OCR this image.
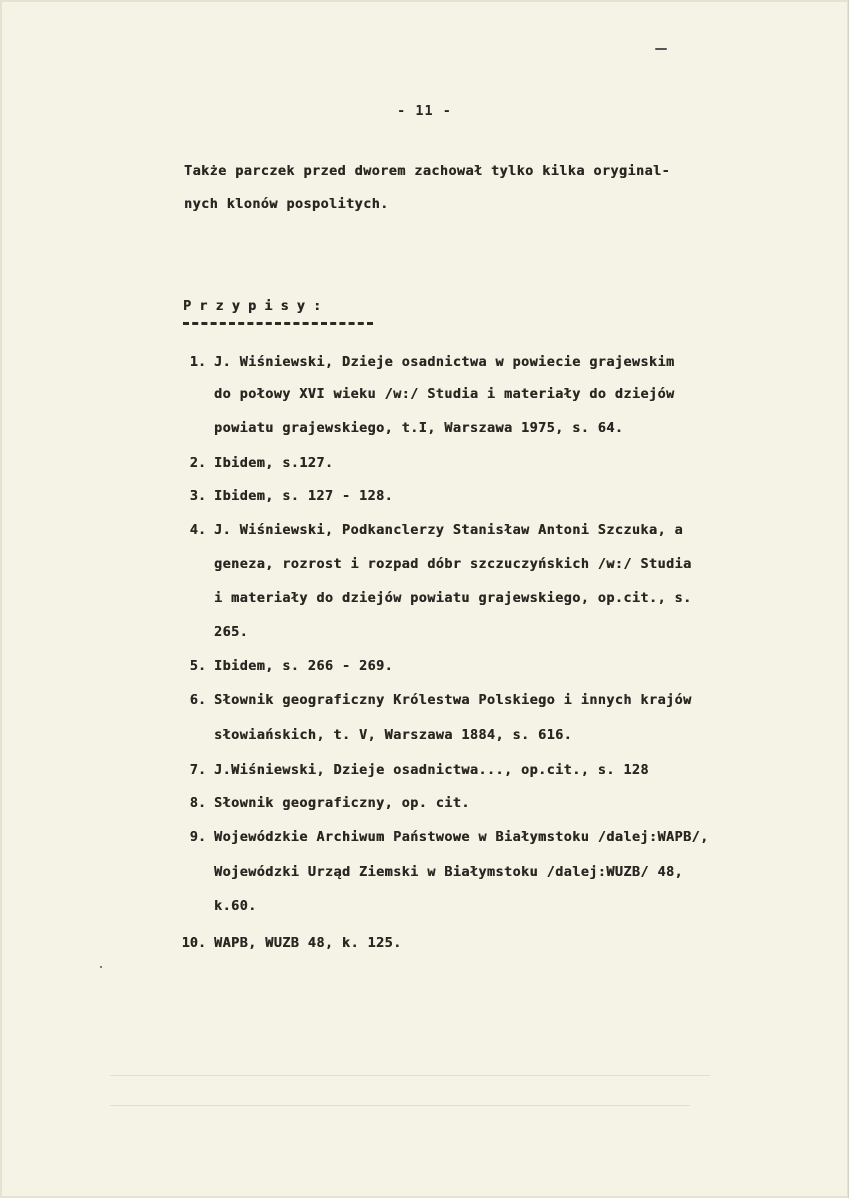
- 11 -
Także parczek przed dworem zachował tylko kilka oryginal-
nych klonów pospolitych.
P r z y p i s y :
1. J. Wiśniewski, Dzieje osadnictwa w powiecie grajewskim
do połowy XVI wieku /w:/ Studia i materiały do dziejów
powiatu grajewskiego, t.I, Warszawa 1975, s. 64.
2. Ibidem, s.127.
3. Ibidem, s. 127 - 128.
4. J. Wiśniewski, Podkanclerzy Stanisław Antoni Szczuka, a
geneza, rozrost i rozpad dóbr szczuczyńskich /w:/ Studia
i materiały do dziejów powiatu grajewskiego, op.cit., s.
265.
5. Ibidem, s. 266 - 269.
6. Słownik geograficzny Królestwa Polskiego i innych krajów
słowiańskich, t. V, Warszawa 1884, s. 616.
7. J.Wiśniewski, Dzieje osadnictwa..., op.cit., s. 128
8. Słownik geograficzny, op. cit.
9. Wojewódzkie Archiwum Państwowe w Białymstoku /dalej:WAPB/,
Wojewódzki Urząd Ziemski w Białymstoku /dalej:WUZB/ 48,
k.60.
10. WAPB, WUZB 48, k. 125.
